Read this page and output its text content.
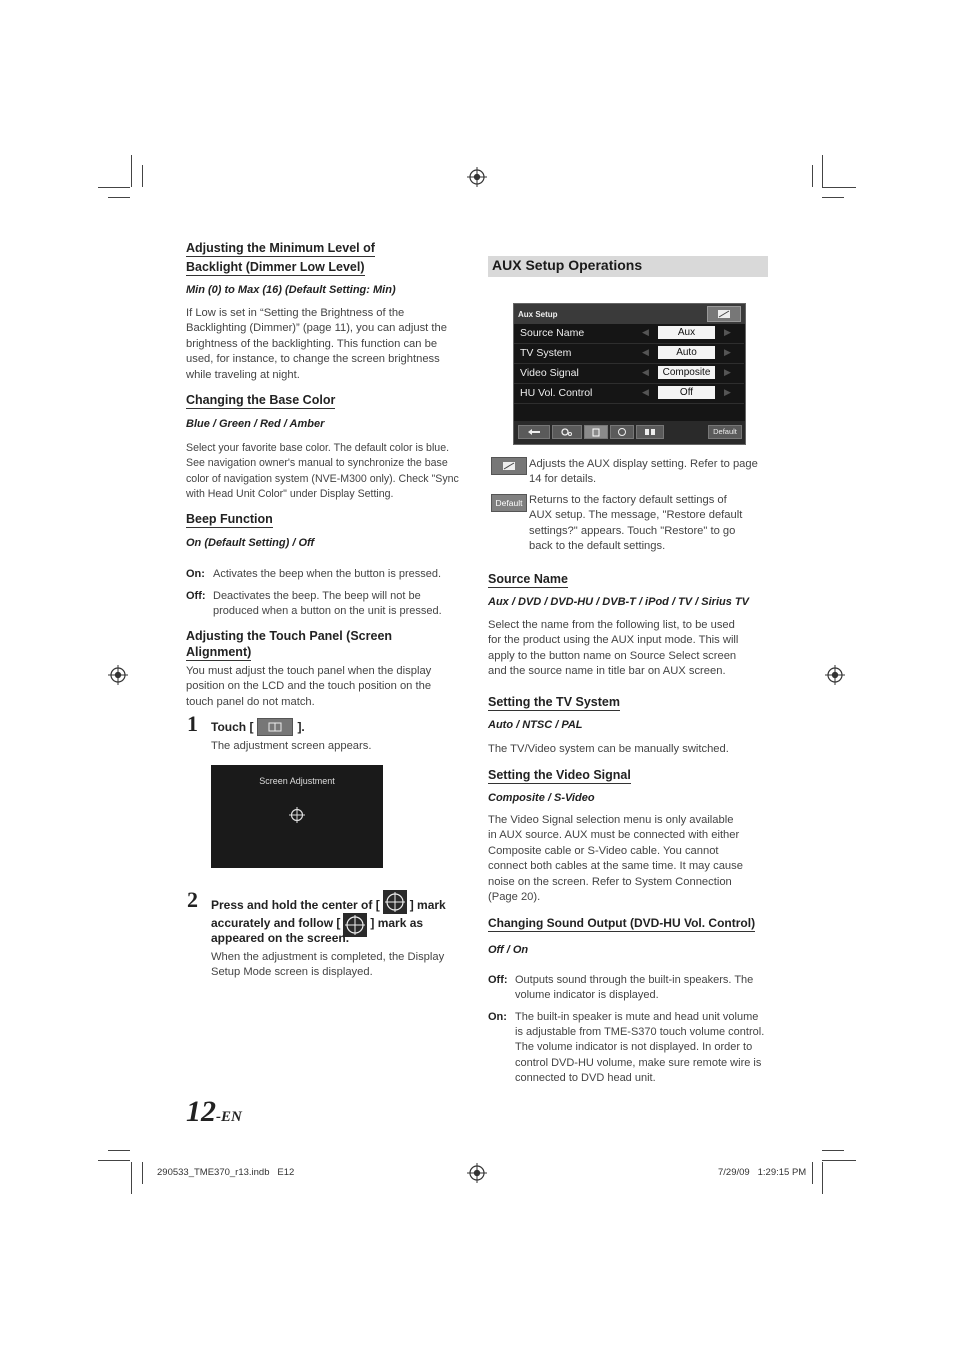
Adjusting the Minimum Level of
Backlight (Dimmer Low Level)
Min (0) to Max (16) (Default Setting: Min)
If Low is set in “Setting the Brightness of the
Backlighting (Dimmer)” (page 11), you can adjust the
brightness of the backlighting. This function can be
used, for instance, to change the screen brightness
while traveling at night.
Changing the Base Color
Blue / Green / Red / Amber
Select your favorite base color. The default color is blue.
See navigation owner's manual to synchronize the base
color of navigation system (NVE-M300 only). Check "Sync
with Head Unit Color" under Display Setting.
Beep Function
On (Default Setting) / Off
On: Activates the beep when the button is pressed.
Off: Deactivates the beep. The beep will not be
produced when a button on the unit is pressed.
Adjusting the Touch Panel (Screen
Alignment)
You must adjust the touch panel when the display
position on the LCD and the touch position on the
touch panel do not match.
1 Touch [	].
The adjustment screen appears.
Screen Adjustment
2 Press and hold the center of [	] mark
accurately and follow [	] mark as
appeared on the screen.
When the adjustment is completed, the Display
Setup Mode screen is displayed.
AUX Setup Operations
Aux Setup
Source Name	◀	Aux	▶
TV System	◀	Auto	▶
Video Signal	◀	Composite	▶
HU Vol. Control	◀	Off	▶
Default
Adjusts the AUX display setting. Refer to page
14 for details.
Default Returns to the factory default settings of
AUX setup. The message, "Restore default
settings?" appears. Touch "Restore" to go
back to the default settings.
Source Name
Aux / DVD / DVD-HU / DVB-T / iPod / TV / Sirius TV
Select the name from the following list, to be used
for the product using the AUX input mode. This will
apply to the button name on Source Select screen
and the source name in title bar on AUX screen.
Setting the TV System
Auto / NTSC / PAL
The TV/Video system can be manually switched.
Setting the Video Signal
Composite / S-Video
The Video Signal selection menu is only available
in AUX source. AUX must be connected with either
Composite cable or S-Video cable. You cannot
connect both cables at the same time. It may cause
noise on the screen. Refer to System Connection
(Page 20).
Changing Sound Output (DVD-HU Vol. Control)
Off / On
Off: Outputs sound through the built-in speakers. The
volume indicator is displayed.
On: The built-in speaker is mute and head unit volume
is adjustable from TME-S370 touch volume control.
The volume indicator is not displayed. In order to
control DVD-HU volume, make sure remote wire is
connected to DVD head unit.
12-EN
290533_TME370_r13.indb   E12	7/29/09   1:29:15 PM
